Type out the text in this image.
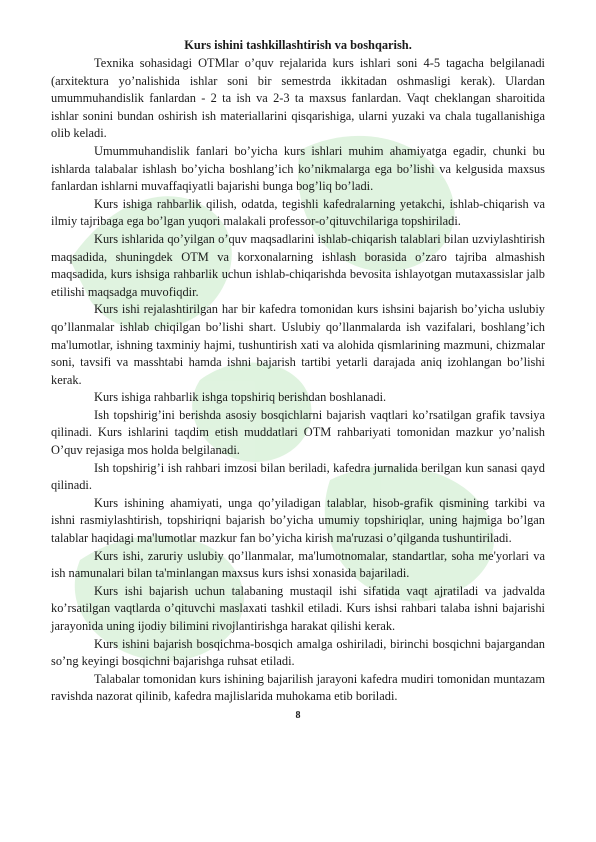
Kurs ishini tashkillashtirish va boshqarish.

Texnika sohasidagi OTMlar o’quv rejalarida kurs ishlari soni 4-5 tagacha belgilanadi (arxitektura yo’nalishida ishlar soni bir semestrda ikkitadan oshmasligi kerak). Ulardan umummuhandislik fanlardan - 2 ta ish va 2-3 ta maxsus fanlardan. Vaqt cheklangan sharoitida ishlar sonini bundan oshirish ish materiallarini qisqarishiga, ularni yuzaki va chala tugallanishiga olib keladi.

Umummuhandislik fanlari bo’yicha kurs ishlari muhim ahamiyatga egadir, chunki bu ishlarda talabalar ishlash bo’yicha boshlang’ich ko’nikmalarga ega bo’lishi va kelgusida maxsus fanlardan ishlarni muvaffaqiyatli bajarishi bunga bog’liq bo’ladi.

Kurs ishiga rahbarlik qilish, odatda, tegishli kafedralarning yetakchi, ishlab-chiqarish va ilmiy tajribaga ega bo’lgan yuqori malakali professor-o’qituvchilariga topshiriladi.

Kurs ishlarida qo’yilgan o’quv maqsadlarini ishlab-chiqarish talablari bilan uzviylashtirish maqsadida, shuningdek OTM va korxonalarning ishlash borasida o’zaro tajriba almashish maqsadida, kurs ishsiga rahbarlik uchun ishlab-chiqarishda bevosita ishlayotgan mutaxassislar jalb etilishi maqsadga muvofiqdir.

Kurs ishi rejalashtirilgan har bir kafedra tomonidan kurs ishsini bajarish bo’yicha uslubiy qo’llanmalar ishlab chiqilgan bo’lishi shart. Uslubiy qo’llanmalarda ish vazifalari, boshlang’ich ma'lumotlar, ishning taxminiy hajmi, tushuntirish xati va alohida qismlarining mazmuni, chizmalar soni, tavsifi va masshtabi hamda ishni bajarish tartibi yetarli darajada aniq izohlangan bo’lishi kerak.

Kurs ishiga rahbarlik ishga topshiriq berishdan boshlanadi.

Ish topshirig’ini berishda asosiy bosqichlarni bajarish vaqtlari ko’rsatilgan grafik tavsiya qilinadi. Kurs ishlarini taqdim etish muddatlari OTM rahbariyati tomonidan mazkur yo’nalish O’quv rejasiga mos holda belgilanadi.

Ish topshirig’i ish rahbari imzosi bilan beriladi, kafedra jurnalida berilgan kun sanasi qayd qilinadi.

Kurs ishining ahamiyati, unga qo’yiladigan talablar, hisob-grafik qismining tarkibi va ishni rasmiylashtirish, topshiriqni bajarish bo’yicha umumiy topshiriqlar, uning hajmiga bo’lgan talablar haqidagi ma'lumotlar mazkur fan bo’yicha kirish ma'ruzasi o’qilganda tushuntiriladi.

Kurs ishi, zaruriy uslubiy qo’llanmalar, ma'lumotnomalar, standartlar, soha me'yorlari va ish namunalari bilan ta'minlangan maxsus kurs ishsi xonasida bajariladi.

Kurs ishi bajarish uchun talabaning mustaqil ishi sifatida vaqt ajratiladi va jadvalda ko’rsatilgan vaqtlarda o’qituvchi maslaxati tashkil etiladi. Kurs ishsi rahbari talaba ishni bajarishi jarayonida uning ijodiy bilimini rivojlantirishga harakat qilishi kerak.

Kurs ishini bajarish bosqichma-bosqich amalga oshiriladi, birinchi bosqichni bajargandan so’ng keyingi bosqichni bajarishga ruhsat etiladi.

Talabalar tomonidan kurs ishining bajarilish jarayoni kafedra mudiri tomonidan muntazam ravishda nazorat qilinib, kafedra majlislarida muhokama etib boriladi.

8
